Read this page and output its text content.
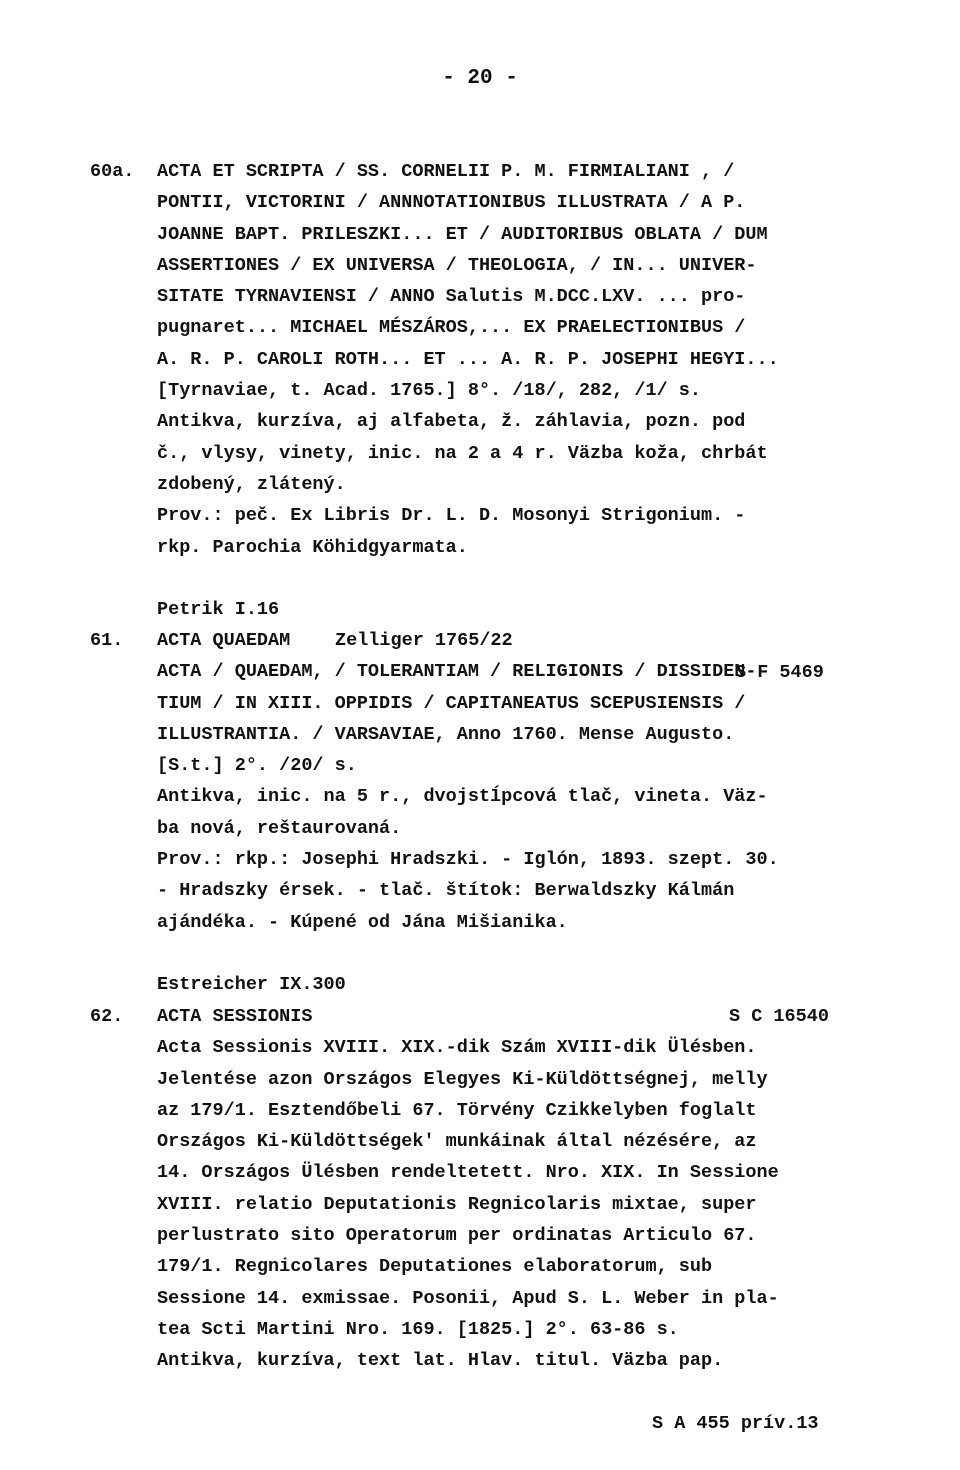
- 20 -
60a. ACTA ET SCRIPTA / SS. CORNELII P. M. FIRMIALIANI , /
PONTII, VICTORINI / ANNNOTATIONIBUS ILLUSTRATA / A P.
JOANNE BAPT. PRILESZKI... ET / AUDITORIBUS OBLATA / DUM
ASSERTIONES / EX UNIVERSA / THEOLOGIA, / IN... UNIVER-
SITATE TYRNAVIENSI / ANNO Salutis M.DCC.LXV. ... pro-
pugnaret... MICHAEL MÉSZÁROS,... EX PRAELECTIONIBUS /
A. R. P. CAROLI ROTH... ET ... A. R. P. JOSEPHI HEGYI...
[Tyrnaviae, t. Acad. 1765.] 8°. /18/, 282, /1/ s.
Antikva, kurzíva, aj alfabeta, ž. záhlavia, pozn. pod
č., vlysy, vinety, inic. na 2 a 4 r. Väzba koža, chrbát
zdobený, zlátený.
Prov.: peč. Ex Libris Dr. L. D. Mosonyi Strigonium. -
rkp. Parochia Köhidgyarmata.

Petrik I.16

Zelliger 1765/22

S F 5469

61. ACTA QUAEDAM
ACTA / QUAEDAM, / TOLERANTIAM / RELIGIONIS / DISSIDEN-
TIUM / IN XIII. OPPIDIS / CAPITANEATUS SCEPUSIENSIS /
ILLUSTRANTIA. / VARSAVIAE, Anno 1760. Mense Augusto.
[S.t.] 2°. /20/ s.
Antikva, inic. na 5 r., dvojstĺpcová tlač, vineta. Väz-
ba nová, reštaurovaná.
Prov.: rkp.: Josephi Hradszki. - Iglón, 1893. szept. 30.
- Hradszky érsek. - tlač. štítok: Berwaldszky Kálmán
ajándéka. - Kúpené od Jána Mišianika.

Estreicher IX.300

S C 16540

62. ACTA SESSIONIS
Acta Sessionis XVIII. XIX.-dik Szám XVIII-dik Ülésben.
Jelentése azon Országos Elegyes Ki-Küldöttségnej, melly
az 179/1. Esztendőbeli 67. Törvény Czikkelyben foglalt
Országos Ki-Küldöttségek' munkáinak által nézésére, az
14. Országos Ülésben rendeltetett. Nro. XIX. In Sessione
XVIII. relatio Deputationis Regnicolaris mixtae, super
perlustrato sito Operatorum per ordinatas Articulo 67.
179/1. Regnicolares Deputationes elaboratorum, sub
Sessione 14. exmissae. Posonii, Apud S. L. Weber in pla-
tea Scti Martini Nro. 169. [1825.] 2°. 63-86 s.
Antikva, kurzíva, text lat. Hlav. titul. Väzba pap.

S A 455 prív.13
